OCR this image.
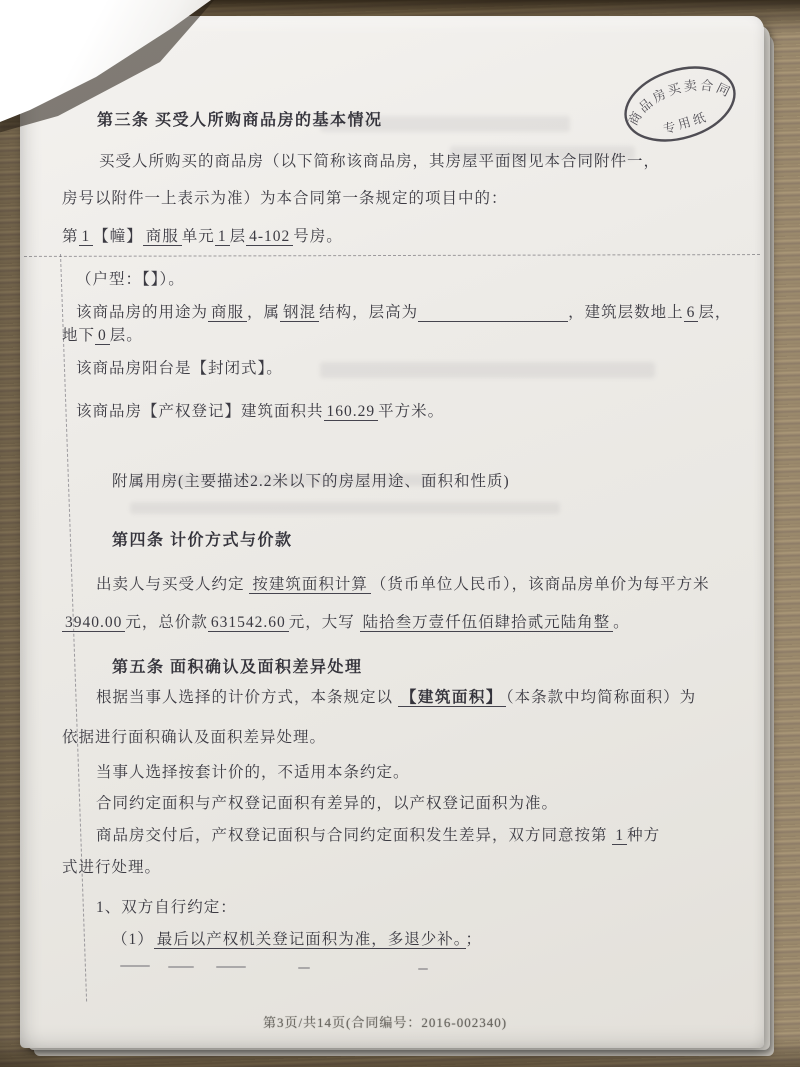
商品房买卖合同
专用纸
第三条 买受人所购商品房的基本情况
买受人所购买的商品房（以下简称该商品房，其房屋平面图见本合同附件一，
房号以附件一上表示为准）为本合同第一条规定的项目中的：
第 1 【幢】 商服 单元 1 层 4-102 号房。
（户型：【】）。
该商品房的用途为 商服 ，属 钢混 结构，层高为	，建筑层数地上 6 层，
地下 0 层。
该商品房阳台是【封闭式】。
该商品房【产权登记】建筑面积共 160.29 平方米。
附属用房(主要描述2.2米以下的房屋用途、面积和性质)
第四条 计价方式与价款
出卖人与买受人约定 按建筑面积计算 （货币单位人民币），该商品房单价为每平方米
3940.00 元，总价款 631542.60 元，大写 陆拾叁万壹仟伍佰肆拾贰元陆角整 。
第五条 面积确认及面积差异处理
根据当事人选择的计价方式，本条规定以 【建筑面积】 （本条款中均简称面积）为
依据进行面积确认及面积差异处理。
当事人选择按套计价的，不适用本条约定。
合同约定面积与产权登记面积有差异的，以产权登记面积为准。
商品房交付后，产权登记面积与合同约定面积发生差异，双方同意按第 1 种方
式进行处理。
1、双方自行约定：
（1） 最后以产权机关登记面积为准，多退少补。 ；
第3页/共14页(合同编号：2016-002340)
